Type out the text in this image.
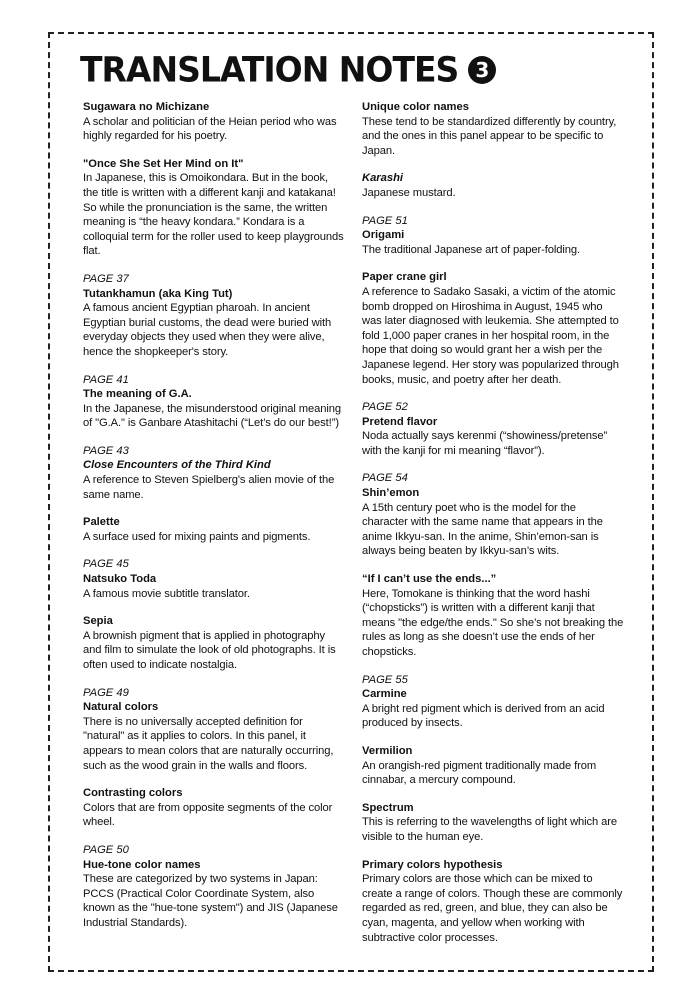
TRANSLATION NOTES 3
Sugawara no Michizane
A scholar and politician of the Heian period who was highly regarded for his poetry.
"Once She Set Her Mind on It"
In Japanese, this is Omoikondara. But in the book, the title is written with a different kanji and katakana! So while the pronunciation is the same, the written meaning is “the heavy kondara.” Kondara is a colloquial term for the roller used to keep playgrounds flat.
PAGE 37
Tutankhamun (aka King Tut)
A famous ancient Egyptian pharoah. In ancient Egyptian burial customs, the dead were buried with everyday objects they used when they were alive, hence the shopkeeper's story.
PAGE 41
The meaning of G.A.
In the Japanese, the misunderstood original meaning of "G.A." is Ganbare Atashitachi (“Let’s do our best!”)
PAGE 43
Close Encounters of the Third Kind
A reference to Steven Spielberg's alien movie of the same name.
Palette
A surface used for mixing paints and pigments.
PAGE 45
Natsuko Toda
A famous movie subtitle translator.
Sepia
A brownish pigment that is applied in photography and film to simulate the look of old photographs. It is often used to indicate nostalgia.
PAGE 49
Natural colors
There is no universally accepted definition for "natural" as it applies to colors. In this panel, it appears to mean colors that are naturally occurring, such as the wood grain in the walls and floors.
Contrasting colors
Colors that are from opposite segments of the color wheel.
PAGE 50
Hue-tone color names
These are categorized by two systems in Japan: PCCS (Practical Color Coordinate System, also known as the "hue-tone system") and JIS (Japanese Industrial Standards).
Unique color names
These tend to be standardized differently by country, and the ones in this panel appear to be specific to Japan.
Karashi
Japanese mustard.
PAGE 51
Origami
The traditional Japanese art of paper-folding.
Paper crane girl
A reference to Sadako Sasaki, a victim of the atomic bomb dropped on Hiroshima in August, 1945 who was later diagnosed with leukemia. She attempted to fold 1,000 paper cranes in her hospital room, in the hope that doing so would grant her a wish per the Japanese legend. Her story was popularized through books, music, and poetry after her death.
PAGE 52
Pretend flavor
Noda actually says kerenmi (“showiness/pretense” with the kanji for mi meaning “flavor”).
PAGE 54
Shin’emon
A 15th century poet who is the model for the character with the same name that appears in the anime Ikkyu-san. In the anime, Shin’emon-san is always being beaten by Ikkyu-san’s wits.
“If I can’t use the ends...”
Here, Tomokane is thinking that the word hashi (“chopsticks”) is written with a different kanji that means "the edge/the ends." So she’s not breaking the rules as long as she doesn’t use the ends of her chopsticks.
PAGE 55
Carmine
A bright red pigment which is derived from an acid produced by insects.
Vermilion
An orangish-red pigment traditionally made from cinnabar, a mercury compound.
Spectrum
This is referring to the wavelengths of light which are visible to the human eye.
Primary colors hypothesis
Primary colors are those which can be mixed to create a range of colors. Though these are commonly regarded as red, green, and blue, they can also be cyan, magenta, and yellow when working with subtractive color processes.
